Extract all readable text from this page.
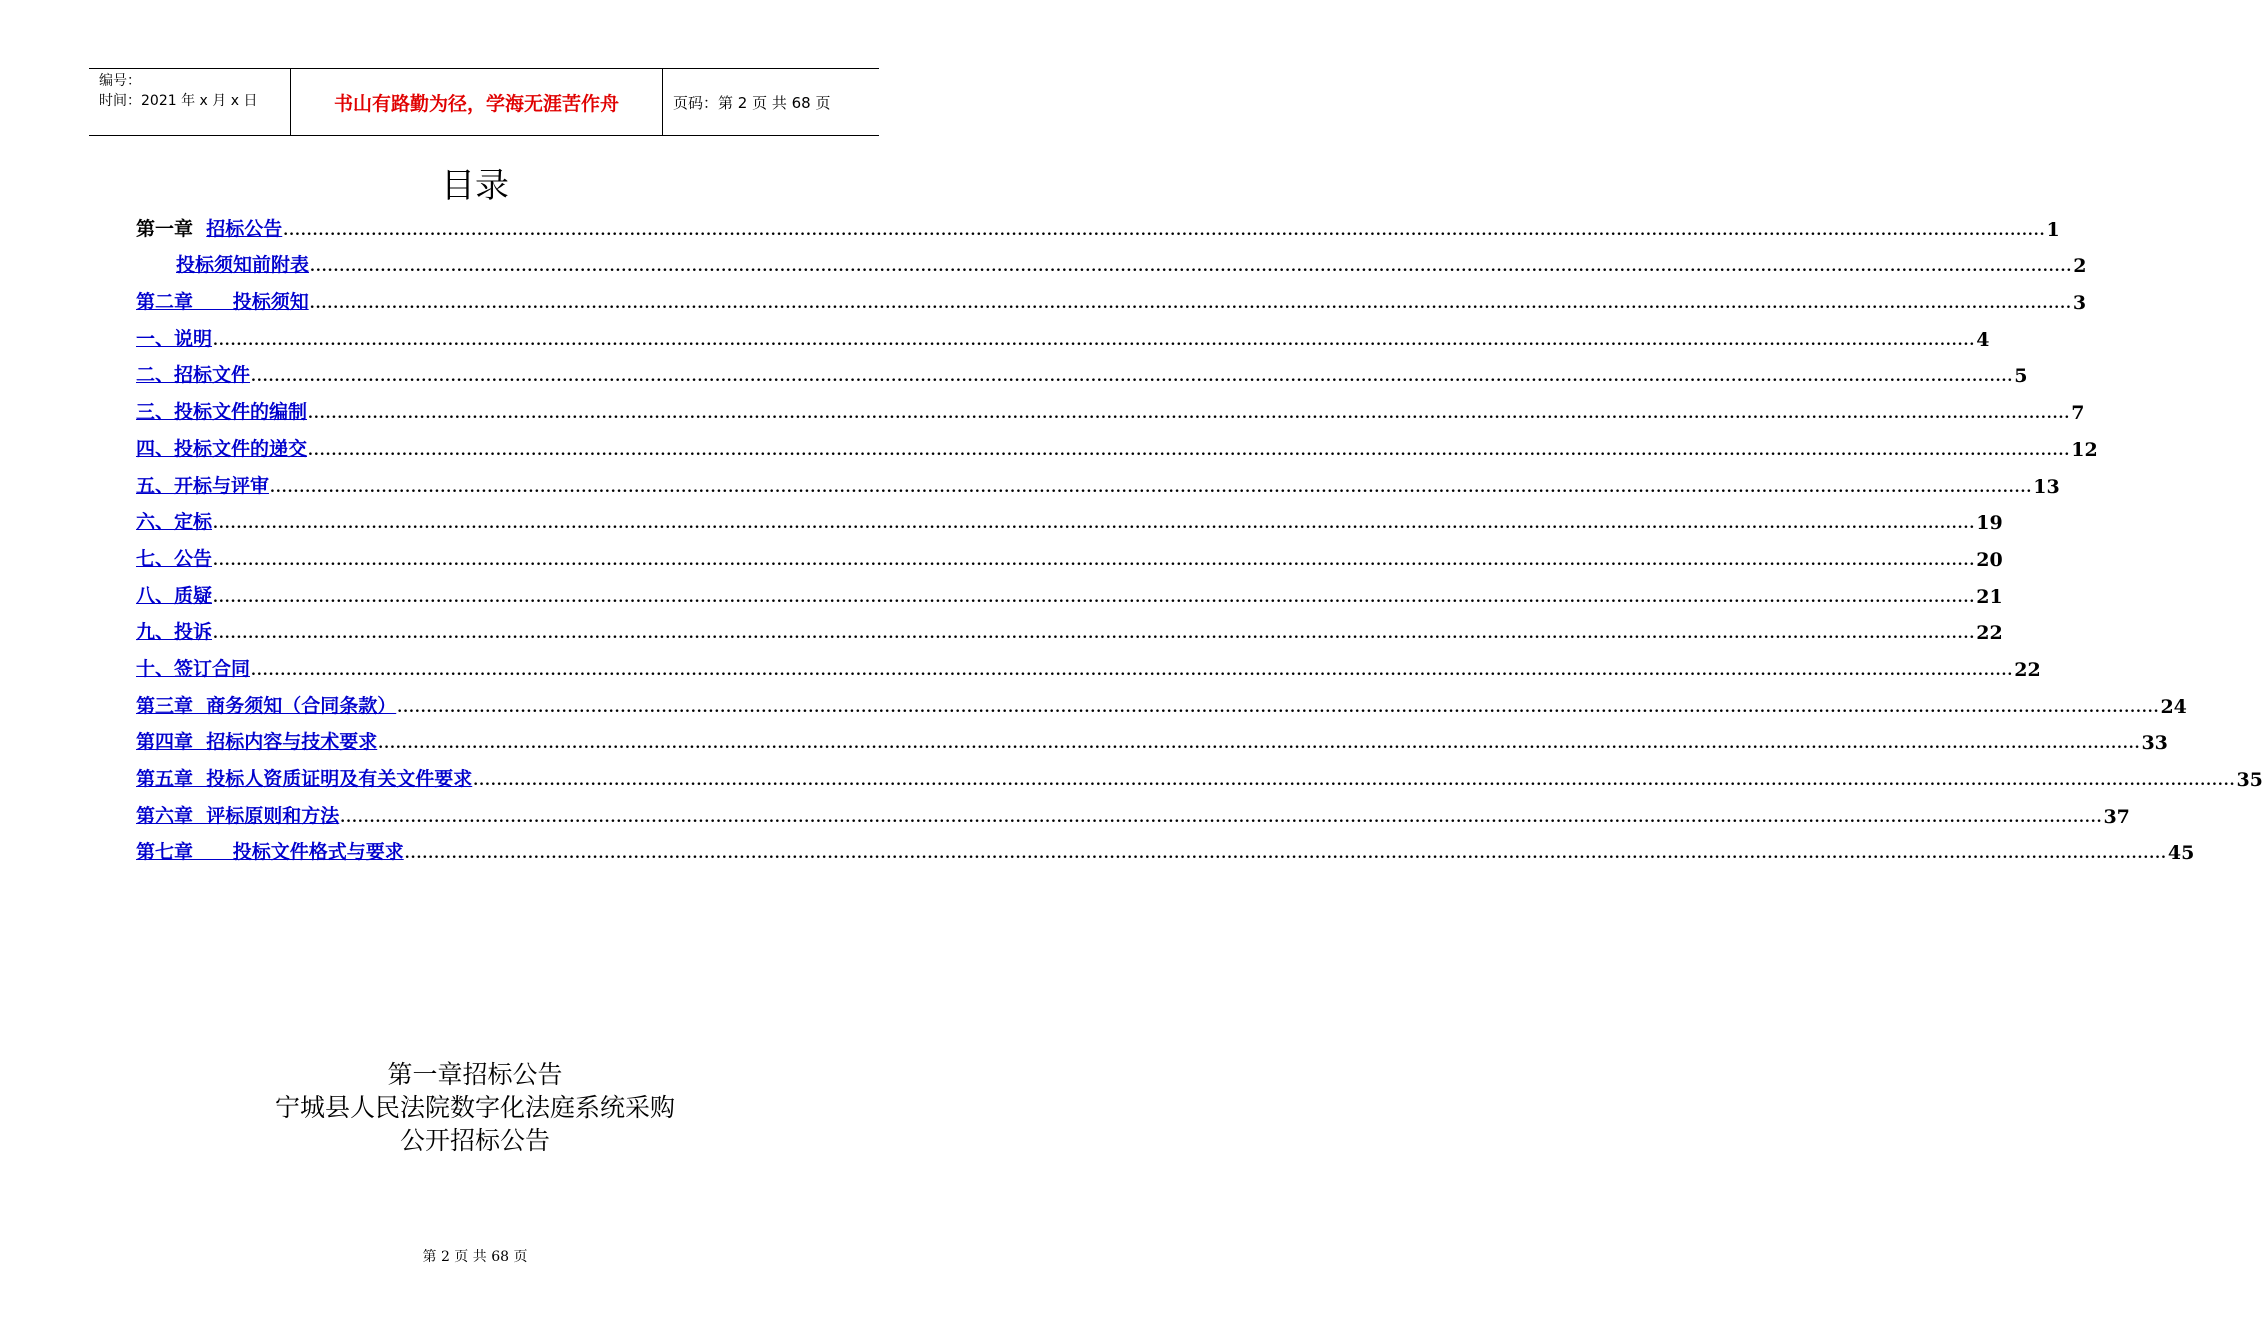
编号：
时间：2021 年 x 月 x 日	书山有路勤为径，学海无涯苦作舟	页码：第 2 页 共 68 页
目录
第一章  招标公告 ............................................................................................................................................................................................................................................................................................................ 1
投标须知前附表 ............................................................................................................................................................................................................................................................................................................ 2
第二章      投标须知 ............................................................................................................................................................................................................................................................................................................ 3
一、说明 ............................................................................................................................................................................................................................................................................................................ 4
二、招标文件 ............................................................................................................................................................................................................................................................................................................ 5
三、投标文件的编制 ............................................................................................................................................................................................................................................................................................................ 7
四、投标文件的递交 ............................................................................................................................................................................................................................................................................................................ 12
五、开标与评审 ............................................................................................................................................................................................................................................................................................................ 13
六、定标 ............................................................................................................................................................................................................................................................................................................ 19
七、公告 ............................................................................................................................................................................................................................................................................................................ 20
八、质疑 ............................................................................................................................................................................................................................................................................................................ 21
九、投诉 ............................................................................................................................................................................................................................................................................................................ 22
十、签订合同 ............................................................................................................................................................................................................................................................................................................ 22
第三章  商务须知（合同条款） ............................................................................................................................................................................................................................................................................................................ 24
第四章  招标内容与技术要求 ............................................................................................................................................................................................................................................................................................................ 33
第五章  投标人资质证明及有关文件要求 ............................................................................................................................................................................................................................................................................................................ 35
第六章  评标原则和方法 ............................................................................................................................................................................................................................................................................................................ 37
第七章      投标文件格式与要求 ............................................................................................................................................................................................................................................................................................................ 45
第一章招标公告
宁城县人民法院数字化法庭系统采购
公开招标公告
第 2 页 共 68 页
